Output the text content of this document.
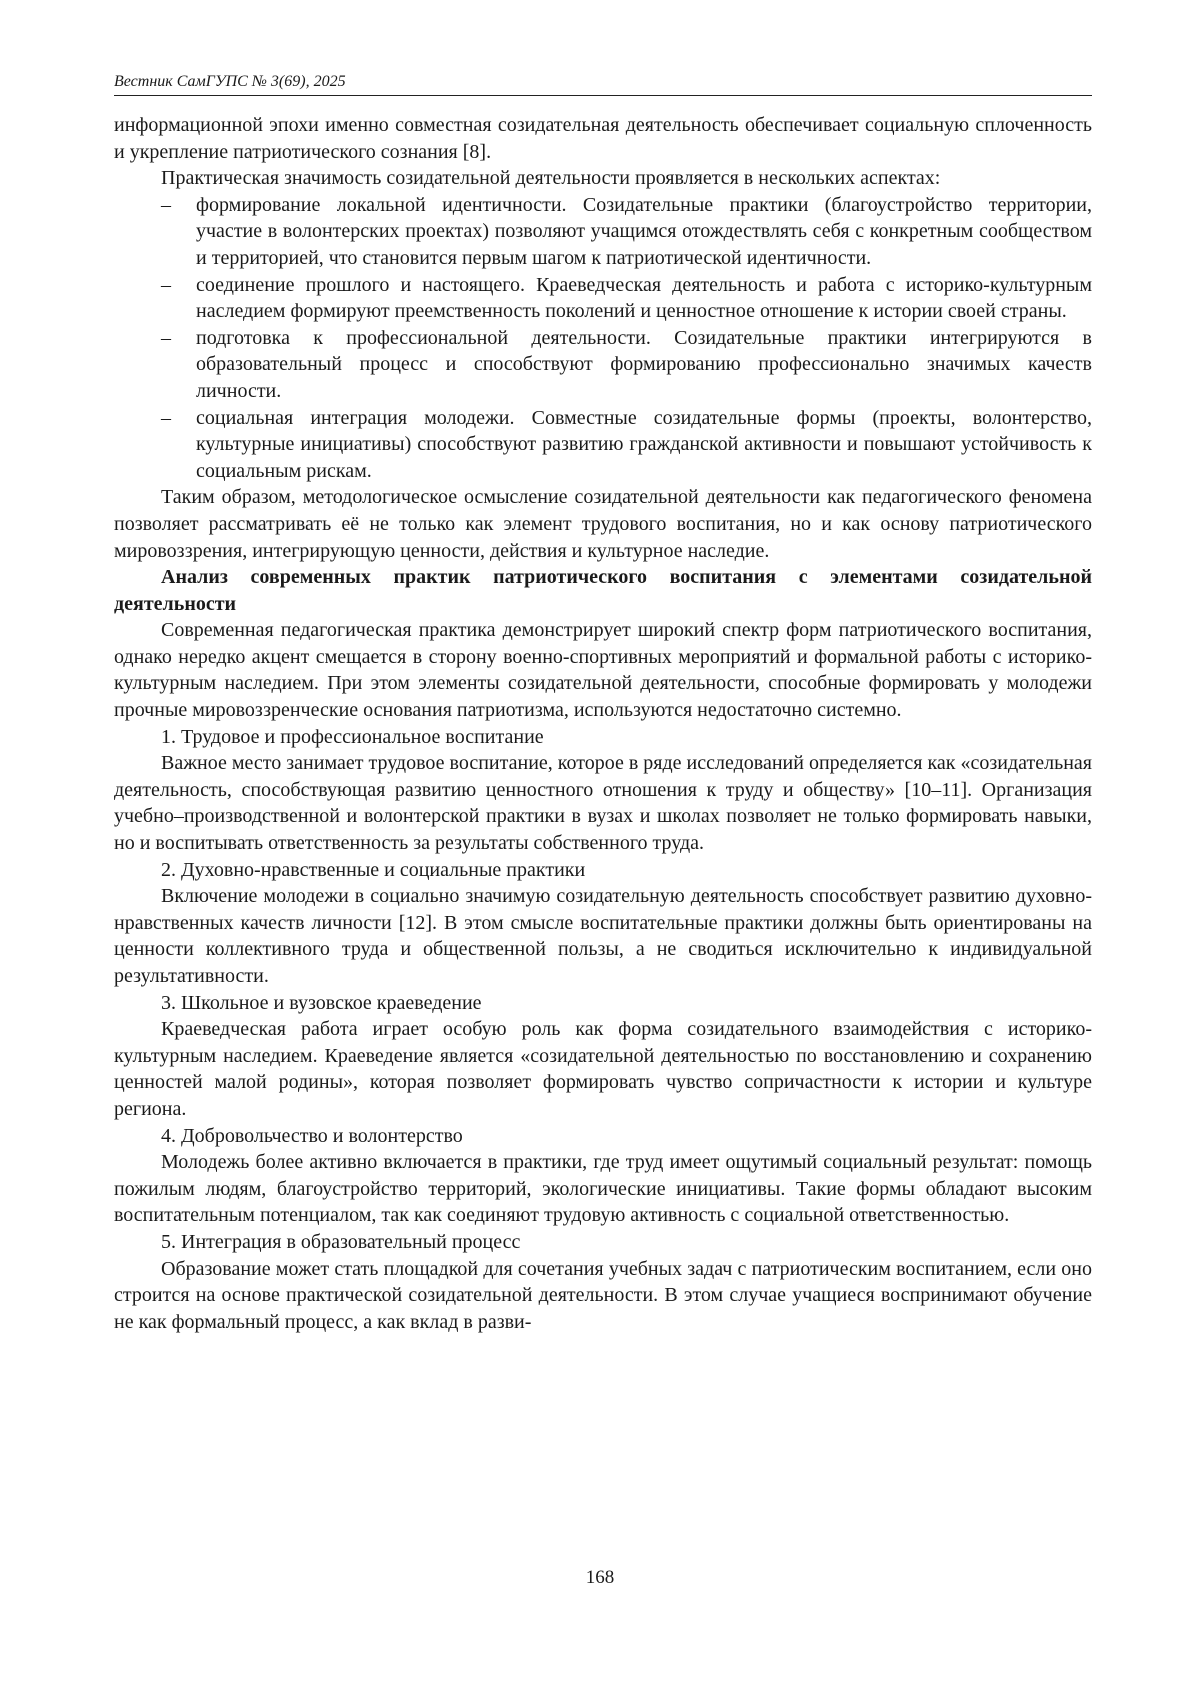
Вестник СамГУПС № 3(69), 2025

информационной эпохи именно совместная созидательная деятельность обеспечивает социальную сплоченность и укрепление патриотического сознания [8].

Практическая значимость созидательной деятельности проявляется в нескольких аспектах:

– формирование локальной идентичности. Созидательные практики (благоустройство территории, участие в волонтерских проектах) позволяют учащимся отождествлять себя с конкретным сообществом и территорией, что становится первым шагом к патриотической идентичности.
– соединение прошлого и настоящего. Краеведческая деятельность и работа с историко-культурным наследием формируют преемственность поколений и ценностное отношение к истории своей страны.
– подготовка к профессиональной деятельности. Созидательные практики интегрируются в образовательный процесс и способствуют формированию профессионально значимых качеств личности.
– социальная интеграция молодежи. Совместные созидательные формы (проекты, волонтерство, культурные инициативы) способствуют развитию гражданской активности и повышают устойчивость к социальным рискам.

Таким образом, методологическое осмысление созидательной деятельности как педагогического феномена позволяет рассматривать её не только как элемент трудового воспитания, но и как основу патриотического мировоззрения, интегрирующую ценности, действия и культурное наследие.

Анализ современных практик патриотического воспитания с элементами созидательной деятельности

Современная педагогическая практика демонстрирует широкий спектр форм патриотического воспитания, однако нередко акцент смещается в сторону военно-спортивных мероприятий и формальной работы с историко-культурным наследием. При этом элементы созидательной деятельности, способные формировать у молодежи прочные мировоззренческие основания патриотизма, используются недостаточно системно.

1. Трудовое и профессиональное воспитание

Важное место занимает трудовое воспитание, которое в ряде исследований определяется как «созидательная деятельность, способствующая развитию ценностного отношения к труду и обществу» [10–11]. Организация учебно–производственной и волонтерской практики в вузах и школах позволяет не только формировать навыки, но и воспитывать ответственность за результаты собственного труда.

2. Духовно-нравственные и социальные практики

Включение молодежи в социально значимую созидательную деятельность способствует развитию духовно-нравственных качеств личности [12]. В этом смысле воспитательные практики должны быть ориентированы на ценности коллективного труда и общественной пользы, а не сводиться исключительно к индивидуальной результативности.

3. Школьное и вузовское краеведение

Краеведческая работа играет особую роль как форма созидательного взаимодействия с историко-культурным наследием. Краеведение является «созидательной деятельностью по восстановлению и сохранению ценностей малой родины», которая позволяет формировать чувство сопричастности к истории и культуре региона.

4. Добровольчество и волонтерство

Молодежь более активно включается в практики, где труд имеет ощутимый социальный результат: помощь пожилым людям, благоустройство территорий, экологические инициативы. Такие формы обладают высоким воспитательным потенциалом, так как соединяют трудовую активность с социальной ответственностью.

5. Интеграция в образовательный процесс

Образование может стать площадкой для сочетания учебных задач с патриотическим воспитанием, если оно строится на основе практической созидательной деятельности. В этом случае учащиеся воспринимают обучение не как формальный процесс, а как вклад в разви-

168
